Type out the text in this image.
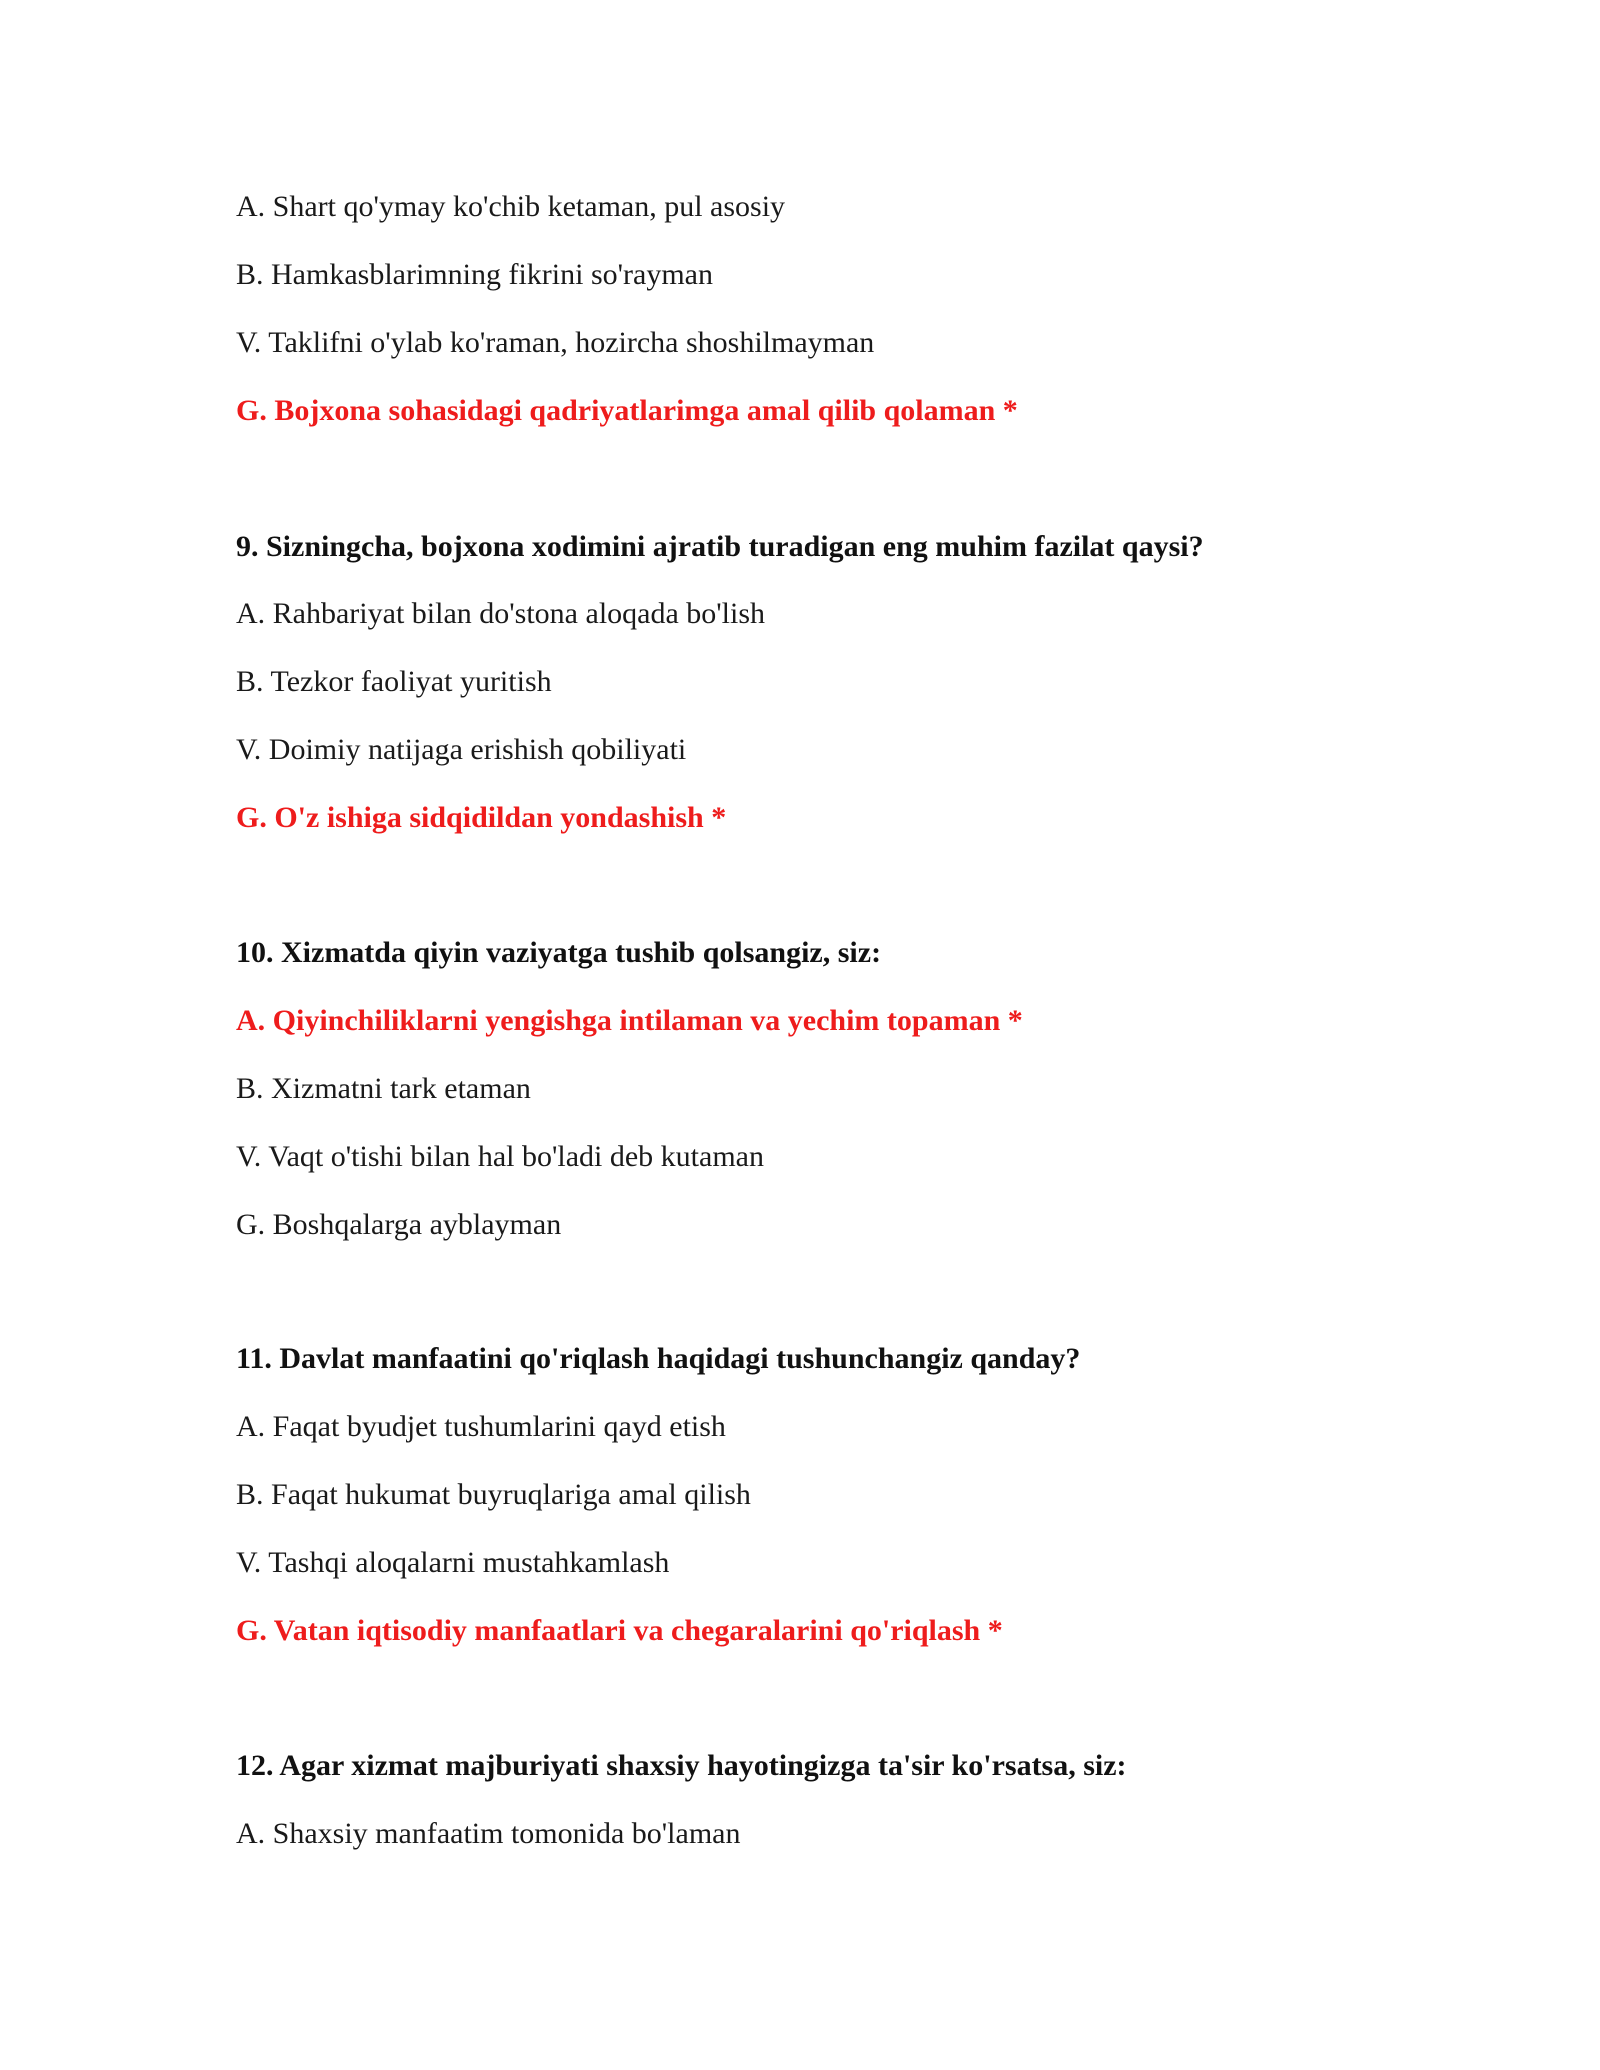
A. Shart qo'ymay ko'chib ketaman, pul asosiy
B. Hamkasblarimning fikrini so'rayman
V. Taklifni o'ylab ko'raman, hozircha shoshilmayman
G. Bojxona sohasidagi qadriyatlarimga amal qilib qolaman *
9. Sizningcha, bojxona xodimini ajratib turadigan eng muhim fazilat qaysi?
A. Rahbariyat bilan do'stona aloqada bo'lish
B. Tezkor faoliyat yuritish
V. Doimiy natijaga erishish qobiliyati
G. O'z ishiga sidqidildan yondashish *
10. Xizmatda qiyin vaziyatga tushib qolsangiz, siz:
A. Qiyinchiliklarni yengishga intilaman va yechim topaman *
B. Xizmatni tark etaman
V. Vaqt o'tishi bilan hal bo'ladi deb kutaman
G. Boshqalarga ayblayman
11. Davlat manfaatini qo'riqlash haqidagi tushunchangiz qanday?
A. Faqat byudjet tushumlarini qayd etish
B. Faqat hukumat buyruqlariga amal qilish
V. Tashqi aloqalarni mustahkamlash
G. Vatan iqtisodiy manfaatlari va chegaralarini qo'riqlash *
12. Agar xizmat majburiyati shaxsiy hayotingizga ta'sir ko'rsatsa, siz:
A. Shaxsiy manfaatim tomonida bo'laman
